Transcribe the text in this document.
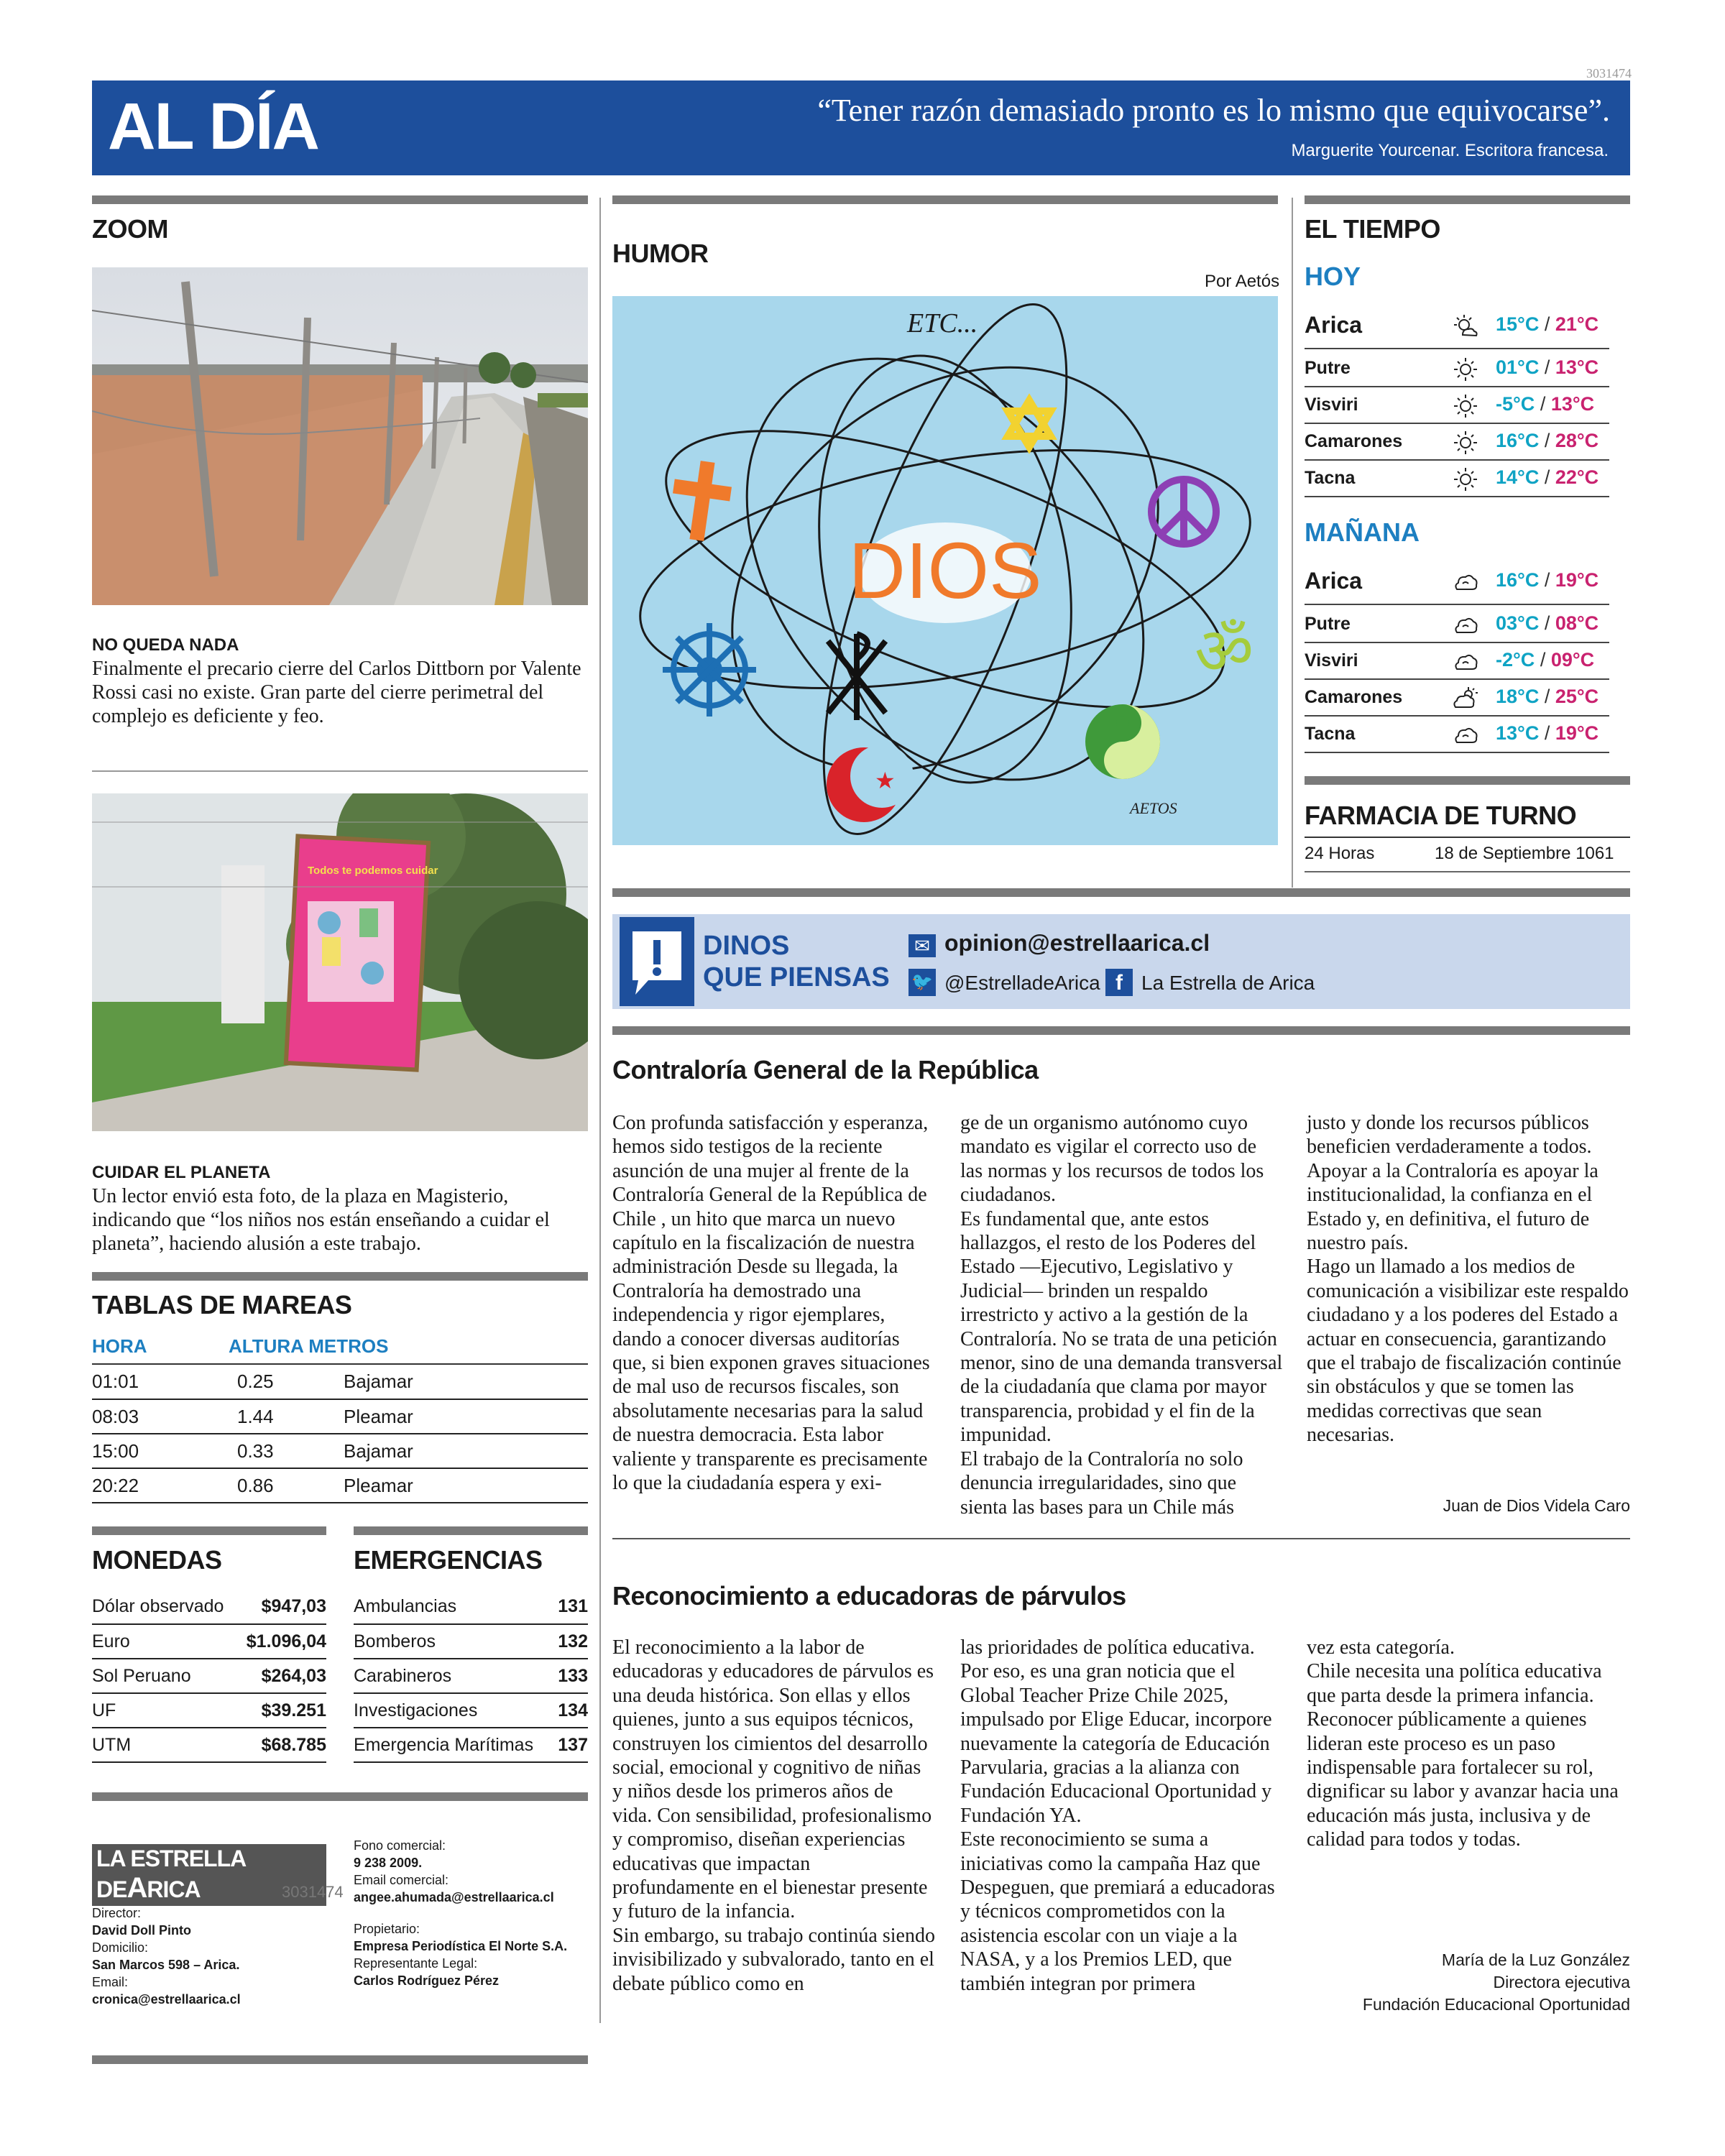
3031474
AL DÍA	“Tener razón demasiado pronto es lo mismo que equivocarse”.
Marguerite Yourcenar. Escritora francesa.
ZOOM
NO QUEDA NADA
Finalmente el precario cierre del Carlos Dittborn por Valente Rossi casi no existe. Gran parte del cierre perimetral del complejo es deficiente y feo.
Todos te podemos cuidar
CUIDAR EL PLANETA
Un lector envió esta foto, de la plaza en Magisterio, indicando que “los niños nos están enseñando a cuidar el planeta”, haciendo alusión a este trabajo.
TABLAS DE MAREAS
HORA	ALTURA METROS
01:01	0.25	Bajamar
08:03	1.44	Pleamar
15:00	0.33	Bajamar
20:22	0.86	Pleamar
MONEDAS	EMERGENCIAS
Dólar observado	$947,03
Euro	$1.096,04
Sol Peruano	$264,03
UF	$39.251
UTM	$68.785
Ambulancias	131
Bomberos	132
Carabineros	133
Investigaciones	134
Emergencia Marítimas	137
LA ESTRELLA DEARICA	3031474
Director:
David Doll Pinto
Domicilio:
San Marcos 598 – Arica.
Email:
cronica@estrellaarica.cl
Fono comercial:
9 238 2009.
Email comercial:
angee.ahumada@estrellaarica.cl
Propietario:
Empresa Periodística El Norte S.A.
Representante Legal:
Carlos Rodríguez Pérez
HUMOR
Por Aetós
DIOS
ETC...
ॐ
★
AETOS
EL TIEMPO
HOY
Arica	15°C / 21°C
Putre	01°C / 13°C
Visviri	-5°C / 13°C
Camarones	16°C / 28°C
Tacna	14°C / 22°C
MAÑANA
Arica	16°C / 19°C
Putre	03°C / 08°C
Visviri	-2°C / 09°C
Camarones	18°C / 25°C
Tacna	13°C / 19°C
FARMACIA DE TURNO
24 Horas	18 de Septiembre 1061
DINOS
QUE PIENSAS
✉ opinion@estrellaarica.cl
🐦 @EstrelladeArica f La Estrella de Arica
Contraloría General de la República
Con profunda satisfacción y esperanza, hemos sido testigos de la reciente asunción de una mujer al frente de la Contraloría General de la República de Chile , un hito que marca un nuevo capítulo en la fiscalización de nuestra administración Desde su llegada, la Contraloría ha demostrado una independencia y rigor ejemplares, dando a conocer diversas auditorías que, si bien exponen graves situaciones de mal uso de recursos fiscales, son absolutamente necesarias para la salud de nuestra democracia. Esta labor valiente y transparente es precisamente lo que la ciudadanía espera y exi-
ge de un organismo autónomo cuyo mandato es vigilar el correcto uso de las normas y los recursos de todos los ciudadanos.
Es fundamental que, ante estos hallazgos, el resto de los Poderes del Estado —Ejecutivo, Legislativo y Judicial— brinden un respaldo irrestricto y activo a la gestión de la Contraloría. No se trata de una petición menor, sino de una demanda transversal de la ciudadanía que clama por mayor transparencia, probidad y el fin de la impunidad.
El trabajo de la Contraloría no solo denuncia irregularidades, sino que sienta las bases para un Chile más
justo y donde los recursos públicos beneficien verdaderamente a todos. Apoyar a la Contraloría es apoyar la institucionalidad, la confianza en el Estado y, en definitiva, el futuro de nuestro país.
Hago un llamado a los medios de comunicación a visibilizar este respaldo ciudadano y a los poderes del Estado a actuar en consecuencia, garantizando que el trabajo de fiscalización continúe sin obstáculos y que se tomen las medidas correctivas que sean necesarias.
Juan de Dios Videla Caro
Reconocimiento a educadoras de párvulos
El reconocimiento a la labor de educadoras y educadores de párvulos es una deuda histórica. Son ellas y ellos quienes, junto a sus equipos técnicos, construyen los cimientos del desarrollo social, emocional y cognitivo de niñas y niños desde los primeros años de vida. Con sensibilidad, profesionalismo y compromiso, diseñan experiencias educativas que impactan profundamente en el bienestar presente y futuro de la infancia.
Sin embargo, su trabajo continúa siendo invisibilizado y subvalorado, tanto en el debate público como en
las prioridades de política educativa.
Por eso, es una gran noticia que el Global Teacher Prize Chile 2025, impulsado por Elige Educar, incorpore nuevamente la categoría de Educación Parvularia, gracias a la alianza con Fundación Educacional Oportunidad y Fundación YA.
Este reconocimiento se suma a iniciativas como la campaña Haz que Despeguen, que premiará a educadoras y técnicos comprometidos con la asistencia escolar con un viaje a la NASA, y a los Premios LED, que también integran por primera
vez esta categoría.
Chile necesita una política educativa que parta desde la primera infancia. Reconocer públicamente a quienes lideran este proceso es un paso indispensable para fortalecer su rol, dignificar su labor y avanzar hacia una educación más justa, inclusiva y de calidad para todos y todas.
María de la Luz González
Directora ejecutiva
Fundación Educacional Oportunidad
